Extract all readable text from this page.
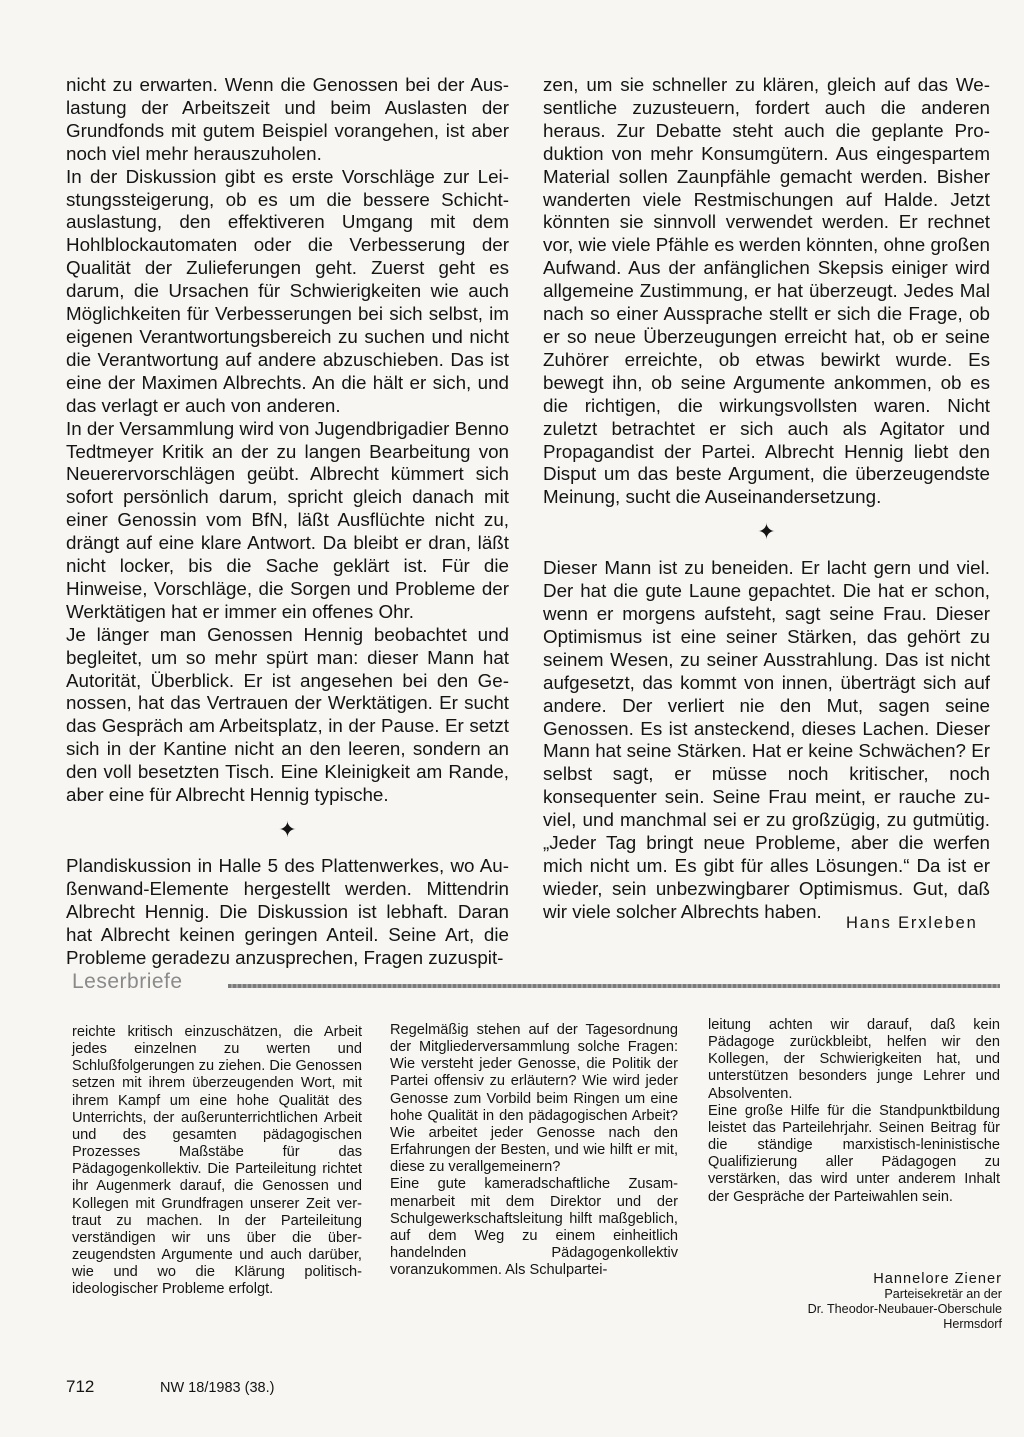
nicht zu erwarten. Wenn die Genossen bei der Auslastung der Arbeitszeit und beim Auslasten der Grundfonds mit gutem Beispiel vorangehen, ist aber noch viel mehr herauszuholen.

In der Diskussion gibt es erste Vorschläge zur Leistungssteigerung, ob es um die bessere Schichtauslastung, den effektiveren Umgang mit dem Hohlblockautomaten oder die Verbesserung der Qualität der Zulieferungen geht. Zuerst geht es darum, die Ursachen für Schwierigkeiten wie auch Möglichkeiten für Verbesserungen bei sich selbst, im eigenen Verantwortungsbereich zu suchen und nicht die Verantwortung auf andere abzuschieben. Das ist eine der Maximen Albrechts. An die hält er sich, und das verlagt er auch von anderen.

In der Versammlung wird von Jugendbrigadier Benno Tedtmeyer Kritik an der zu langen Bearbeitung von Neuerervorschlägen geübt. Albrecht kümmert sich sofort persönlich darum, spricht gleich danach mit einer Genossin vom BfN, läßt Ausflüchte nicht zu, drängt auf eine klare Antwort. Da bleibt er dran, läßt nicht locker, bis die Sache geklärt ist. Für die Hinweise, Vorschläge, die Sorgen und Probleme der Werktätigen hat er immer ein offenes Ohr.

Je länger man Genossen Hennig beobachtet und begleitet, um so mehr spürt man: dieser Mann hat Autorität, Überblick. Er ist angesehen bei den Genossen, hat das Vertrauen der Werktätigen. Er sucht das Gespräch am Arbeitsplatz, in der Pause. Er setzt sich in der Kantine nicht an den leeren, sondern an den voll besetzten Tisch. Eine Kleinigkeit am Rande, aber eine für Albrecht Hennig typische.

✦

Plandiskussion in Halle 5 des Plattenwerkes, wo Außenwand-Elemente hergestellt werden. Mittendrin Albrecht Hennig. Die Diskussion ist lebhaft. Daran hat Albrecht keinen geringen Anteil. Seine Art, die Probleme geradezu anzusprechen, Fragen zuzuspit-

zen, um sie schneller zu klären, gleich auf das Wesentliche zuzusteuern, fordert auch die anderen heraus. Zur Debatte steht auch die geplante Produktion von mehr Konsumgütern. Aus eingespartem Material sollen Zaunpfähle gemacht werden. Bisher wanderten viele Restmischungen auf Halde. Jetzt könnten sie sinnvoll verwendet werden. Er rechnet vor, wie viele Pfähle es werden könnten, ohne großen Aufwand. Aus der anfänglichen Skepsis einiger wird allgemeine Zustimmung, er hat überzeugt. Jedes Mal nach so einer Aussprache stellt er sich die Frage, ob er so neue Überzeugungen erreicht hat, ob er seine Zuhörer erreichte, ob etwas bewirkt wurde. Es bewegt ihn, ob seine Argumente ankommen, ob es die richtigen, die wirkungsvollsten waren. Nicht zuletzt betrachtet er sich auch als Agitator und Propagandist der Partei. Albrecht Hennig liebt den Disput um das beste Argument, die überzeugendste Meinung, sucht die Auseinandersetzung.

✦

Dieser Mann ist zu beneiden. Er lacht gern und viel. Der hat die gute Laune gepachtet. Die hat er schon, wenn er morgens aufsteht, sagt seine Frau. Dieser Optimismus ist eine seiner Stärken, das gehört zu seinem Wesen, zu seiner Ausstrahlung. Das ist nicht aufgesetzt, das kommt von innen, überträgt sich auf andere. Der verliert nie den Mut, sagen seine Genossen. Es ist ansteckend, dieses Lachen. Dieser Mann hat seine Stärken. Hat er keine Schwächen? Er selbst sagt, er müsse noch kritischer, noch konsequenter sein. Seine Frau meint, er rauche zuviel, und manchmal sei er zu großzügig, zu gutmütig. „Jeder Tag bringt neue Probleme, aber die werfen mich nicht um. Es gibt für alles Lösungen.“ Da ist er wieder, sein unbezwingbarer Optimismus. Gut, daß wir viele solcher Albrechts haben.

Hans Erxleben
Leserbriefe

reichte kritisch einzuschätzen, die Arbeit jedes einzelnen zu werten und Schlußfolgerungen zu ziehen. Die Genossen setzen mit ihrem überzeugenden Wort, mit ihrem Kampf um eine hohe Qualität des Unterrichts, der außerunterrichtlichen Arbeit und des gesamten pädagogischen Prozesses Maßstäbe für das Pädagogenkollektiv. Die Parteileitung richtet ihr Augenmerk darauf, die Genossen und Kollegen mit Grundfragen unserer Zeit vertraut zu machen. In der Parteileitung verständigen wir uns über die überzeugendsten Argumente und auch darüber, wie und wo die Klärung politisch-ideologischer Probleme erfolgt.

Regelmäßig stehen auf der Tagesordnung der Mitgliederversammlung solche Fragen: Wie versteht jeder Genosse, die Politik der Partei offensiv zu erläutern? Wie wird jeder Genosse zum Vorbild beim Ringen um eine hohe Qualität in den pädagogischen Arbeit? Wie arbeitet jeder Genosse nach den Erfahrungen der Besten, und wie hilft er mit, diese zu verallgemeinern?

Eine gute kameradschaftliche Zusammenarbeit mit dem Direktor und der Schulgewerkschaftsleitung hilft maßgeblich, auf dem Weg zu einem einheitlich handelnden Pädagogenkollektiv voranzukommen. Als Schulpartei-

leitung achten wir darauf, daß kein Pädagoge zurückbleibt, helfen wir den Kollegen, der Schwierigkeiten hat, und unterstützen besonders junge Lehrer und Absolventen.

Eine große Hilfe für die Standpunktbildung leistet das Parteilehrjahr. Seinen Beitrag für die ständige marxistisch-leninistische Qualifizierung aller Pädagogen zu verstärken, das wird unter anderem Inhalt der Gespräche der Parteiwahlen sein.

Hannelore Ziener
Parteisekretär an der
Dr. Theodor-Neubauer-Oberschule
Hermsdorf
712	NW 18/1983 (38.)
